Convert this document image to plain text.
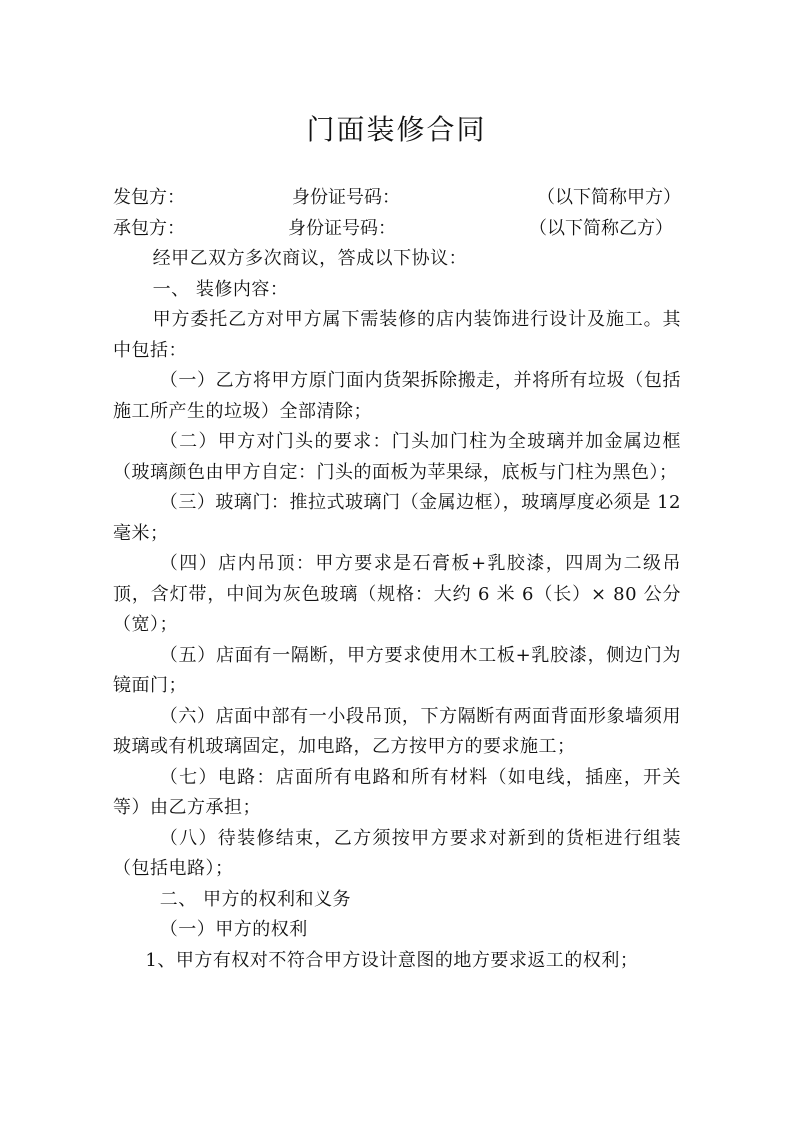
门面装修合同
发包方：	身份证号码：	（以下简称甲方）
承包方：	身份证号码：	（以下简称乙方）

经甲乙双方多次商议，答成以下协议：

一、 装修内容：

甲方委托乙方对甲方属下需装修的店内装饰进行设计及施工。其中包括：

（一）乙方将甲方原门面内货架拆除搬走，并将所有垃圾（包括施工所产生的垃圾）全部清除；

（二）甲方对门头的要求：门头加门柱为全玻璃并加金属边框（玻璃颜色由甲方自定：门头的面板为苹果绿，底板与门柱为黑色）；

（三）玻璃门：推拉式玻璃门（金属边框），玻璃厚度必须是 12 毫米；

（四）店内吊顶：甲方要求是石膏板+乳胶漆，四周为二级吊顶，含灯带，中间为灰色玻璃（规格：大约 6 米 6（长）× 80 公分（宽）；

（五）店面有一隔断，甲方要求使用木工板+乳胶漆，侧边门为镜面门；

（六）店面中部有一小段吊顶，下方隔断有两面背面形象墙须用玻璃或有机玻璃固定，加电路，乙方按甲方的要求施工；

（七）电路：店面所有电路和所有材料（如电线，插座，开关等）由乙方承担；

（八）待装修结束，乙方须按甲方要求对新到的货柜进行组装（包括电路）；

二、 甲方的权利和义务

（一）甲方的权利

1、甲方有权对不符合甲方设计意图的地方要求返工的权利；
